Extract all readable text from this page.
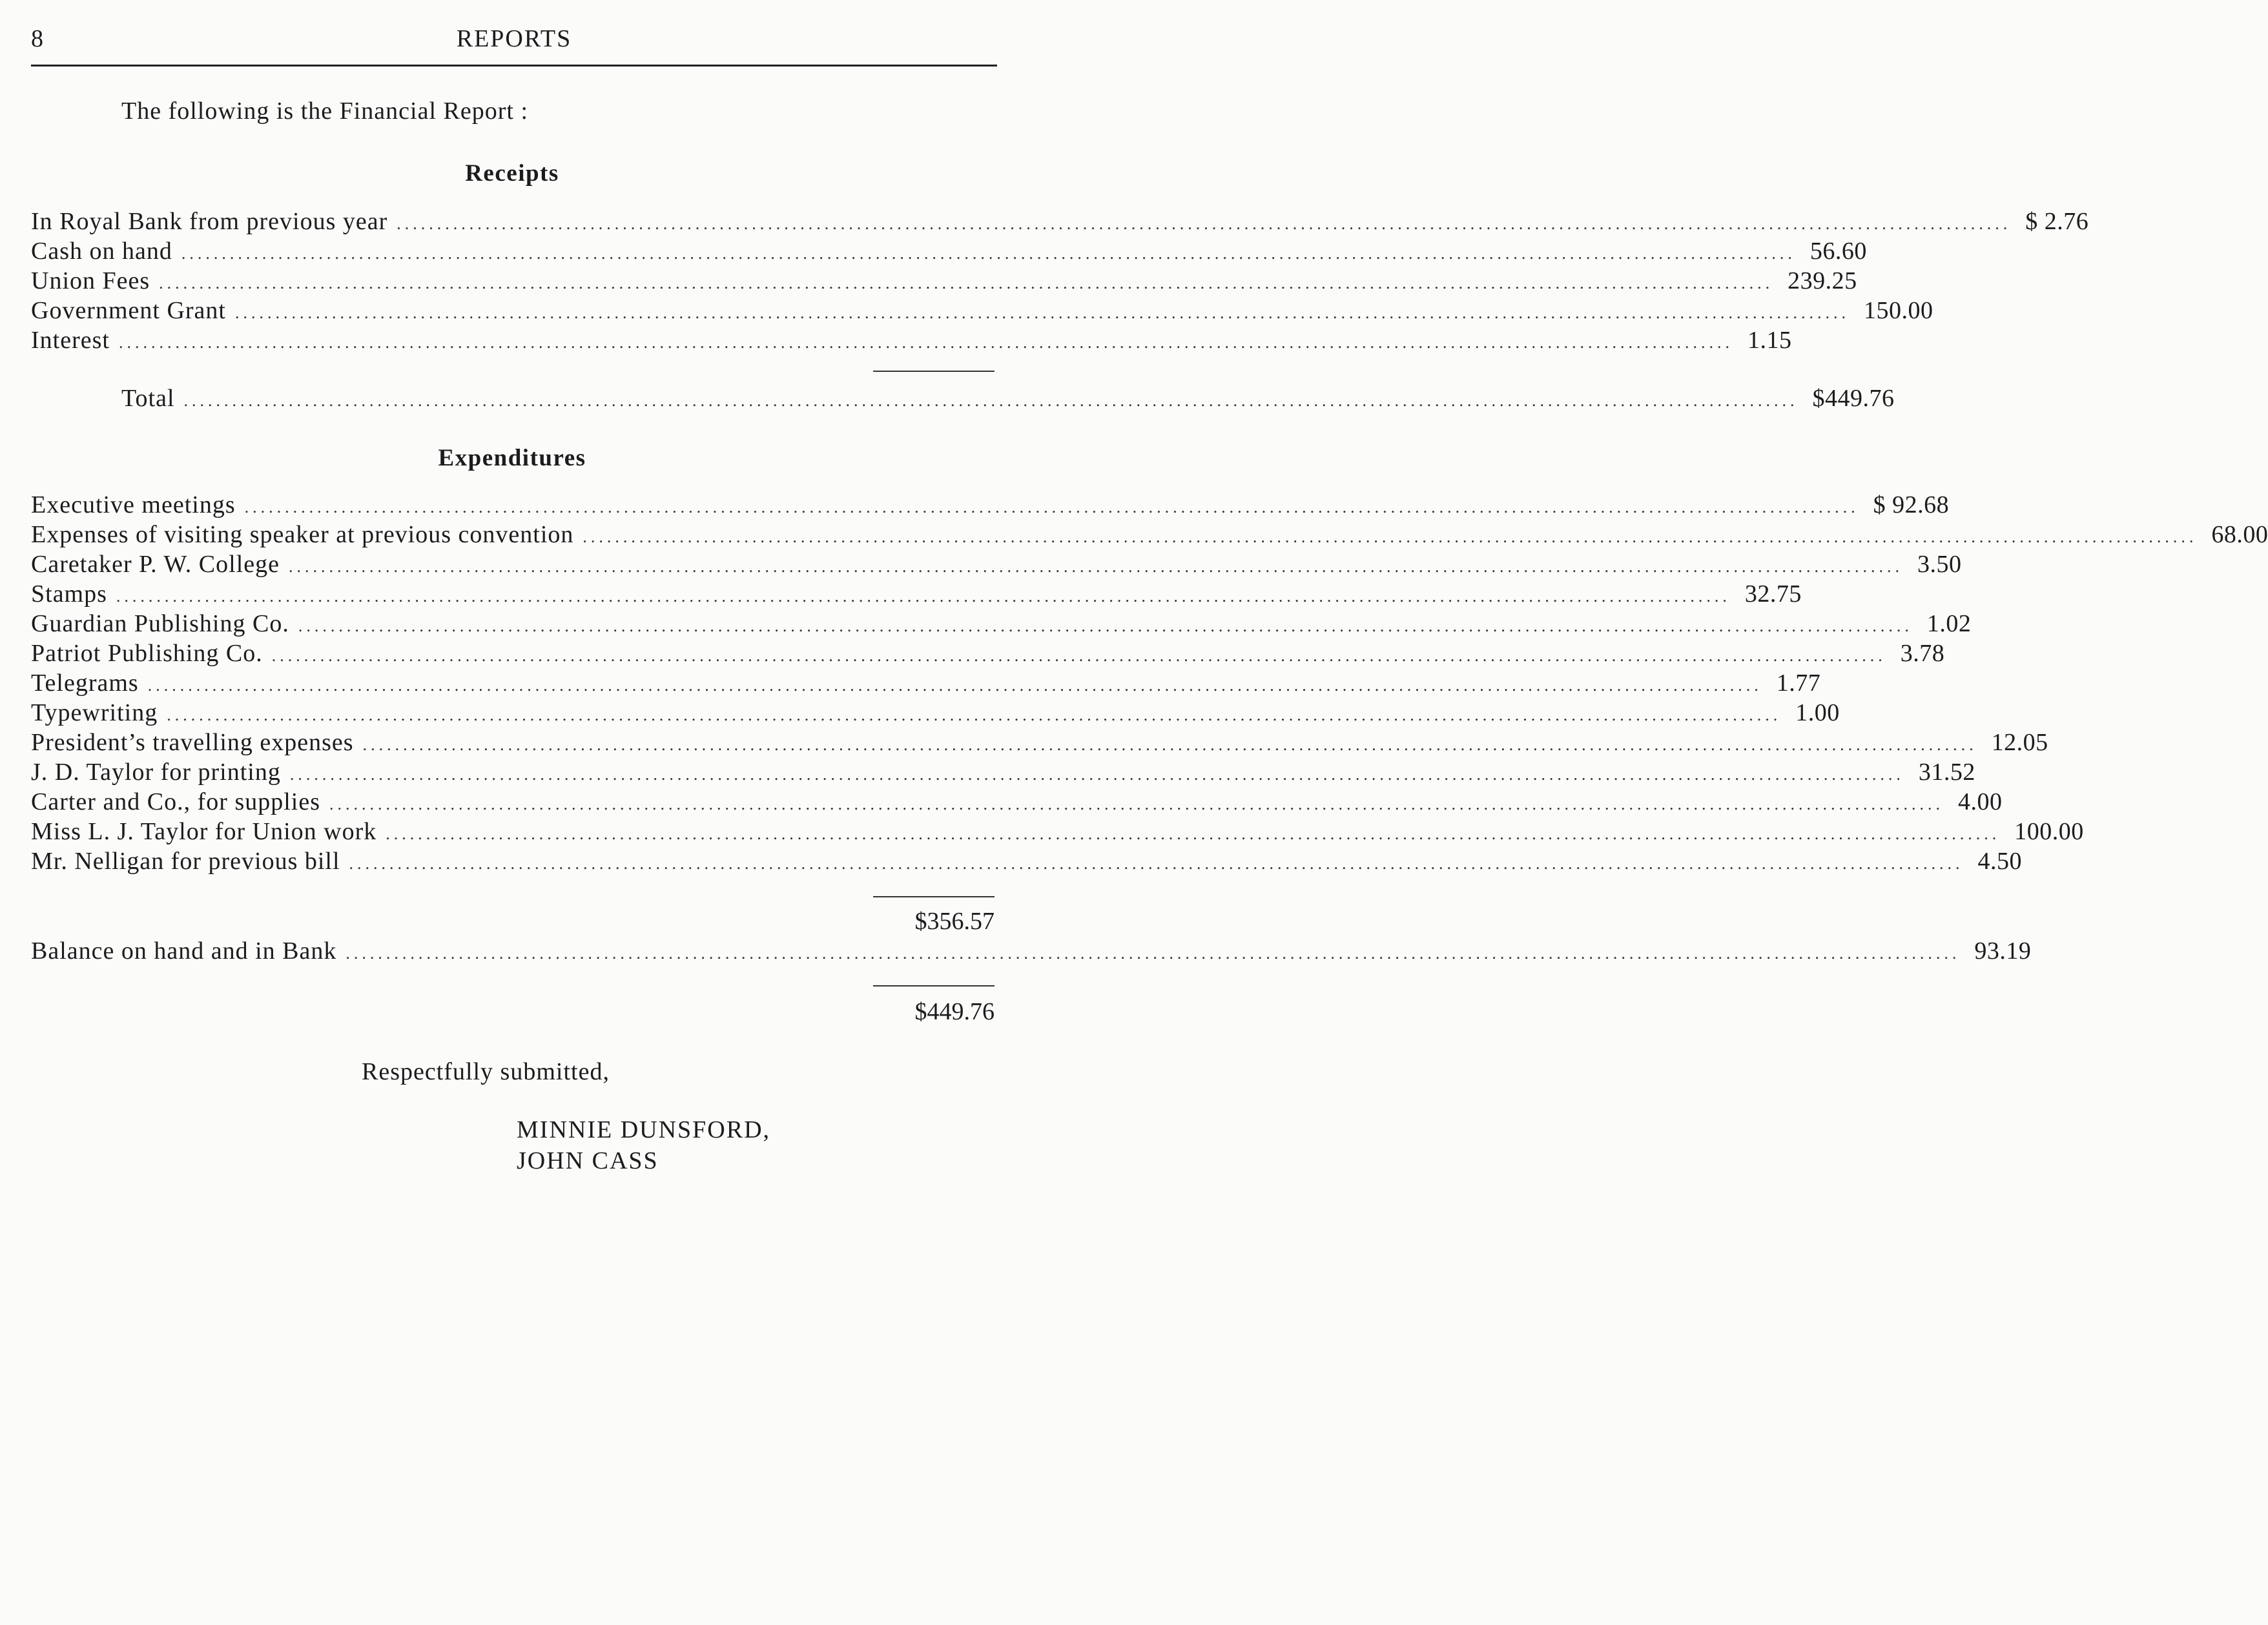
8	REPORTS
The following is the Financial Report :
Receipts
In Royal Bank from previous year ........................................................................................................................................................................................................ $ 2.76
Cash on hand ........................................................................................................................................................................................................ 56.60
Union Fees ........................................................................................................................................................................................................ 239.25
Government Grant ........................................................................................................................................................................................................ 150.00
Interest ........................................................................................................................................................................................................ 1.15
Total ........................................................................................................................................................................................................ $449.76
Expenditures
Executive meetings ........................................................................................................................................................................................................ $ 92.68
Expenses of visiting speaker at previous convention ........................................................................................................................................................................................................ 68.00
Caretaker P. W. College ........................................................................................................................................................................................................ 3.50
Stamps ........................................................................................................................................................................................................ 32.75
Guardian Publishing Co. ........................................................................................................................................................................................................ 1.02
Patriot Publishing Co. ........................................................................................................................................................................................................ 3.78
Telegrams ........................................................................................................................................................................................................ 1.77
Typewriting ........................................................................................................................................................................................................ 1.00
President’s travelling expenses ........................................................................................................................................................................................................ 12.05
J. D. Taylor for printing ........................................................................................................................................................................................................ 31.52
Carter and Co., for supplies ........................................................................................................................................................................................................ 4.00
Miss L. J. Taylor for Union work ........................................................................................................................................................................................................ 100.00
Mr. Nelligan for previous bill ........................................................................................................................................................................................................ 4.50
$356.57
Balance on hand and in Bank ........................................................................................................................................................................................................ 93.19
$449.76
Respectfully submitted,
MINNIE DUNSFORD,
JOHN CASS
